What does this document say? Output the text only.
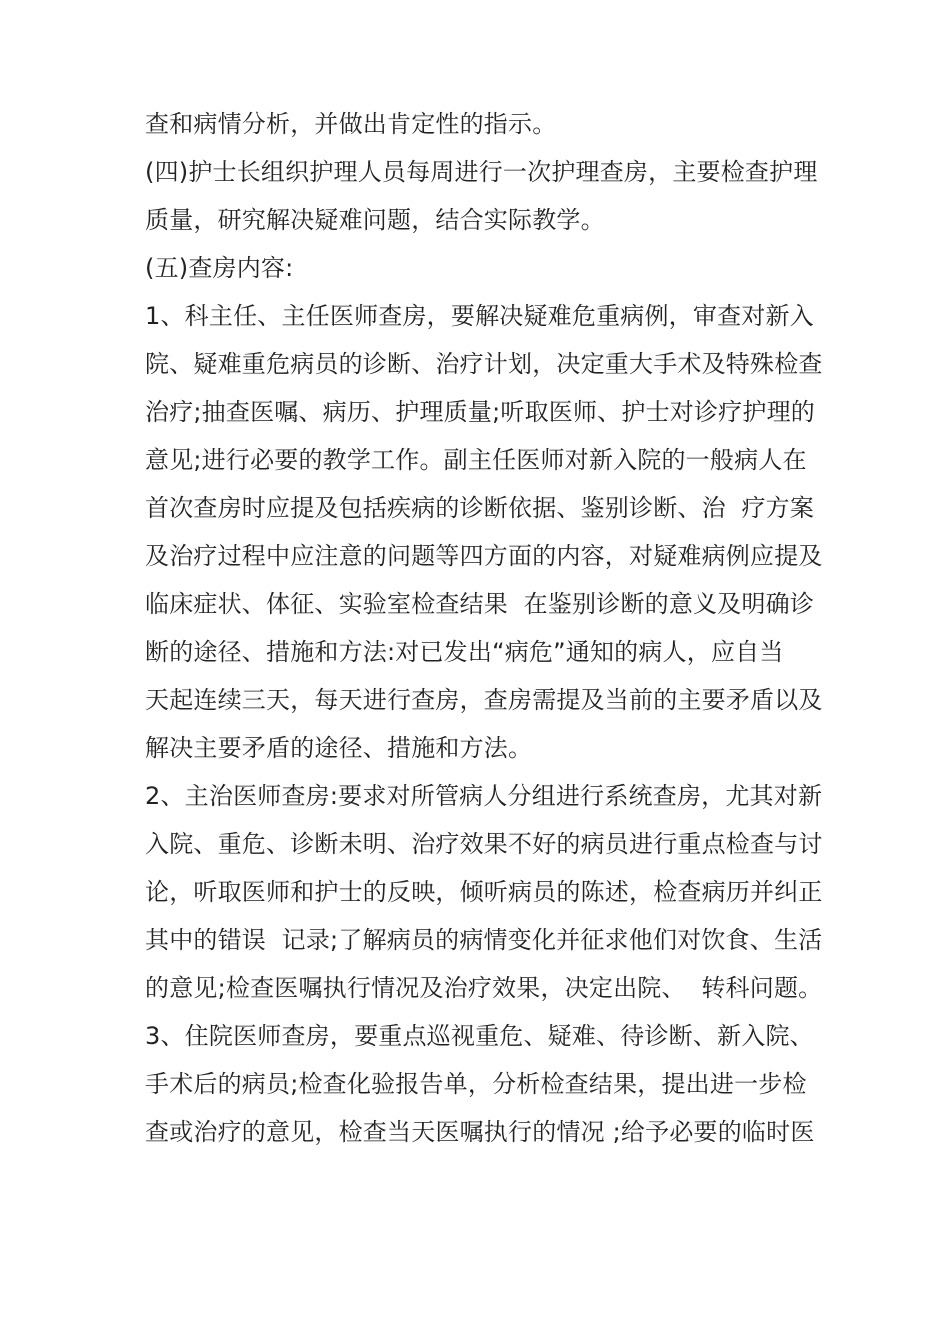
查和病情分析，并做出肯定性的指示。
(四)护士长组织护理人员每周进行一次护理查房，主要检查护理
质量，研究解决疑难问题，结合实际教学。
(五)查房内容:
1、科主任、主任医师查房，要解决疑难危重病例，审查对新入
院、疑难重危病员的诊断、治疗计划，决定重大手术及特殊检查
治疗;抽查医嘱、病历、护理质量;听取医师、护士对诊疗护理的
意见;进行必要的教学工作。副主任医师对新入院的一般病人在
首次查房时应提及包括疾病的诊断依据、鉴别诊断、治  疗方案
及治疗过程中应注意的问题等四方面的内容，对疑难病例应提及
临床症状、体征、实验室检查结果  在鉴别诊断的意义及明确诊
断的途径、措施和方法:对已发出“病危”通知的病人，应自当
天起连续三天，每天进行查房，查房需提及当前的主要矛盾以及
解决主要矛盾的途径、措施和方法。
2、主治医师查房:要求对所管病人分组进行系统查房，尤其对新
入院、重危、诊断未明、治疗效果不好的病员进行重点检查与讨
论，听取医师和护士的反映，倾听病员的陈述，检查病历并纠正
其中的错误  记录;了解病员的病情变化并征求他们对饮食、生活
的意见;检查医嘱执行情况及治疗效果，决定出院、  转科问题。
3、住院医师查房，要重点巡视重危、疑难、待诊断、新入院、
手术后的病员;检查化验报告单，分析检查结果，提出进一步检
查或治疗的意见，检查当天医嘱执行的情况 ;给予必要的临时医
